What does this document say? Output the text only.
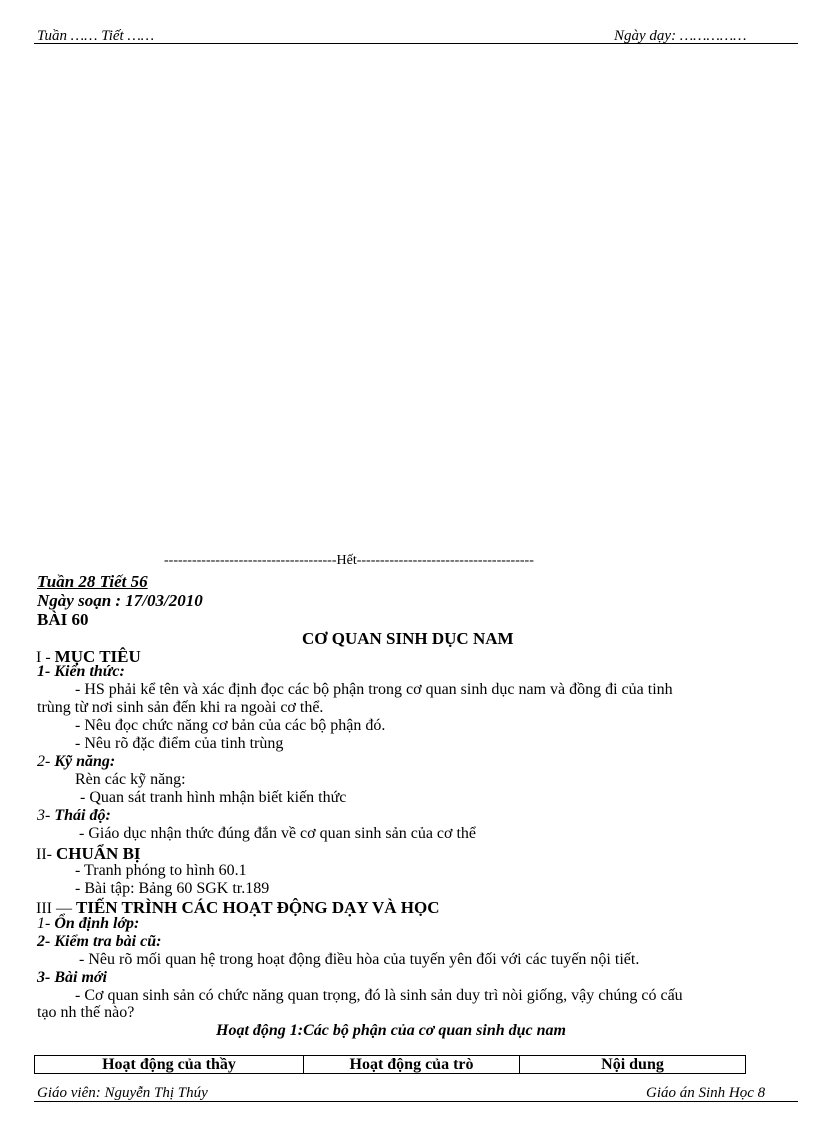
Tuần …… Tiết ……	Ngày dạy: ……………
-------------------------------------Hết--------------------------------------
Tuần 28 Tiết 56
Ngày soạn : 17/03/2010
BÀI 60
CƠ QUAN SINH DỤC NAM
I - MỤC TIÊU
1- Kiến thức:
- HS phải kể tên và xác định đọc các bộ phận trong cơ quan sinh dục nam và đồng đi của tinh
trùng từ nơi sinh sản đến khi ra ngoài cơ thể.
- Nêu đọc chức năng cơ bản của các bộ phận đó.
- Nêu rõ đặc điểm của tinh trùng
2- Kỹ năng:
Rèn các kỹ năng:
- Quan sát tranh hình mhận biết kiến thức
3- Thái độ:
- Giáo dục nhận thức đúng đắn về cơ quan sinh sản của cơ thể
II- CHUẨN BỊ
- Tranh phóng to hình 60.1
- Bài tập: Bảng 60 SGK tr.189
III — TIẾN TRÌNH CÁC HOẠT ĐỘNG DẠY VÀ HỌC
1- Ổn định lớp:
2- Kiểm tra bài cũ:
- Nêu rõ mối quan hệ trong hoạt động điều hòa của tuyến yên đối với các tuyến nội tiết.
3- Bài mới
- Cơ quan sinh sản có chức năng quan trọng, đó là sinh sản duy trì nòi giống, vậy chúng có cấu
tạo nh thế nào?
Hoạt động 1:Các bộ phận của cơ quan sinh dục nam
Hoạt động của thầy	Hoạt động của trò	Nội dung
Giáo viên: Nguyễn Thị Thúy	Giáo án Sinh Học 8
